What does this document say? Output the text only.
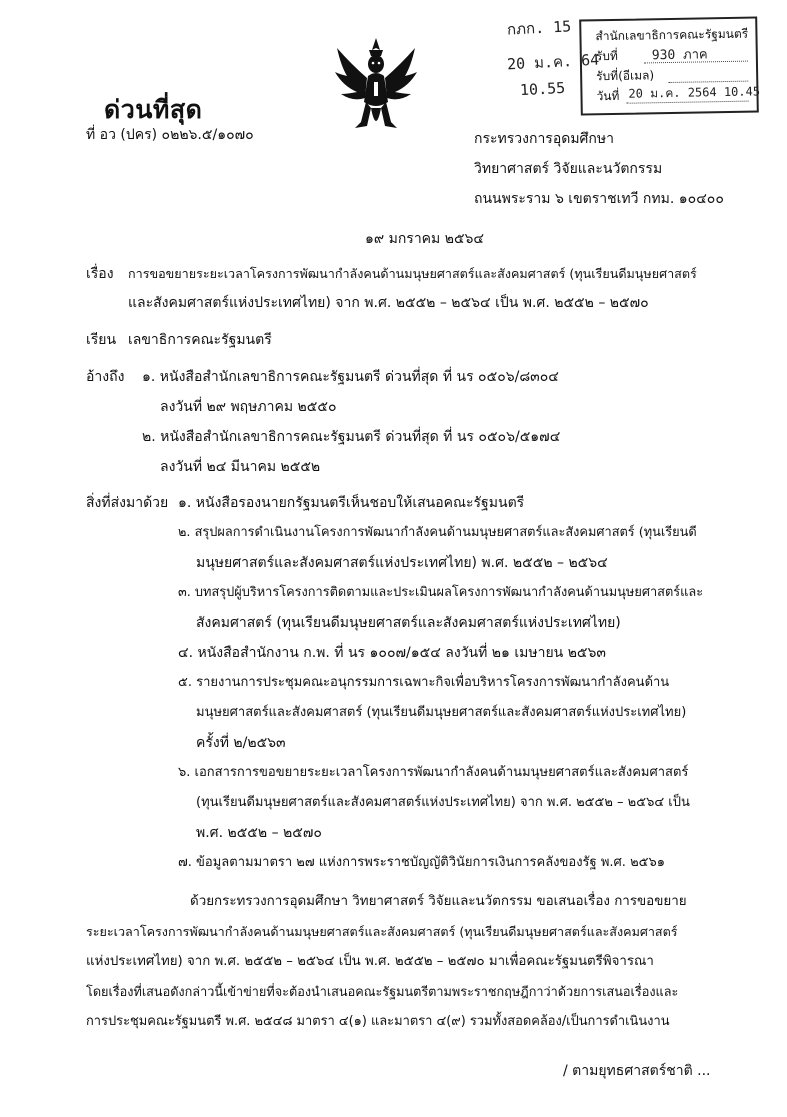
ด่วนที่สุด
กภก. 15
20 ม.ค. 64
10.55
สำนักเลขาธิการคณะรัฐมนตรี
รับที่	930 ภาค
รับที่(อีเมล)
วันที่ 20 ม.ค. 2564 10.45
ที่ อว (ปคร) ๐๒๒๖.๕/๑๐๗๐	กระทรวงการอุดมศึกษา
วิทยาศาสตร์ วิจัยและนวัตกรรม
ถนนพระราม ๖ เขตราชเทวี กทม. ๑๐๔๐๐
๑๙ มกราคม ๒๕๖๔
เรื่อง การขอขยายระยะเวลาโครงการพัฒนากำลังคนด้านมนุษยศาสตร์และสังคมศาสตร์ (ทุนเรียนดีมนุษยศาสตร์
และสังคมศาสตร์แห่งประเทศไทย) จาก พ.ศ. ๒๕๕๒ – ๒๕๖๔ เป็น พ.ศ. ๒๕๕๒ – ๒๕๗๐
เรียน เลขาธิการคณะรัฐมนตรี
อ้างถึง ๑. หนังสือสำนักเลขาธิการคณะรัฐมนตรี ด่วนที่สุด ที่ นร ๐๕๐๖/๘๓๐๔
ลงวันที่ ๒๙ พฤษภาคม ๒๕๕๐
๒. หนังสือสำนักเลขาธิการคณะรัฐมนตรี ด่วนที่สุด ที่ นร ๐๕๐๖/๕๑๗๔
ลงวันที่ ๒๔ มีนาคม ๒๕๕๒
สิ่งที่ส่งมาด้วย ๑. หนังสือรองนายกรัฐมนตรีเห็นชอบให้เสนอคณะรัฐมนตรี
๒. สรุปผลการดำเนินงานโครงการพัฒนากำลังคนด้านมนุษยศาสตร์และสังคมศาสตร์ (ทุนเรียนดี
มนุษยศาสตร์และสังคมศาสตร์แห่งประเทศไทย) พ.ศ. ๒๕๕๒ – ๒๕๖๔
๓. บทสรุปผู้บริหารโครงการติดตามและประเมินผลโครงการพัฒนากำลังคนด้านมนุษยศาสตร์และ
สังคมศาสตร์ (ทุนเรียนดีมนุษยศาสตร์และสังคมศาสตร์แห่งประเทศไทย)
๔. หนังสือสำนักงาน ก.พ. ที่ นร ๑๐๐๗/๑๕๔ ลงวันที่ ๒๑ เมษายน ๒๕๖๓
๕. รายงานการประชุมคณะอนุกรรมการเฉพาะกิจเพื่อบริหารโครงการพัฒนากำลังคนด้าน
มนุษยศาสตร์และสังคมศาสตร์ (ทุนเรียนดีมนุษยศาสตร์และสังคมศาสตร์แห่งประเทศไทย)
ครั้งที่ ๒/๒๕๖๓
๖. เอกสารการขอขยายระยะเวลาโครงการพัฒนากำลังคนด้านมนุษยศาสตร์และสังคมศาสตร์
(ทุนเรียนดีมนุษยศาสตร์และสังคมศาสตร์แห่งประเทศไทย) จาก พ.ศ. ๒๕๕๒ – ๒๕๖๔ เป็น
พ.ศ. ๒๕๕๒ – ๒๕๗๐
๗. ข้อมูลตามมาตรา ๒๗ แห่งการพระราชบัญญัติวินัยการเงินการคลังของรัฐ พ.ศ. ๒๕๖๑
ด้วยกระทรวงการอุดมศึกษา วิทยาศาสตร์ วิจัยและนวัตกรรม ขอเสนอเรื่อง การขอขยาย
ระยะเวลาโครงการพัฒนากำลังคนด้านมนุษยศาสตร์และสังคมศาสตร์ (ทุนเรียนดีมนุษยศาสตร์และสังคมศาสตร์
แห่งประเทศไทย) จาก พ.ศ. ๒๕๕๒ – ๒๕๖๔ เป็น พ.ศ. ๒๕๕๒ – ๒๕๗๐ มาเพื่อคณะรัฐมนตรีพิจารณา
โดยเรื่องที่เสนอดังกล่าวนี้เข้าข่ายที่จะต้องนำเสนอคณะรัฐมนตรีตามพระราชกฤษฎีกาว่าด้วยการเสนอเรื่องและ
การประชุมคณะรัฐมนตรี พ.ศ. ๒๕๔๘ มาตรา ๔(๑) และมาตรา ๔(๙) รวมทั้งสอดคล้อง/เป็นการดำเนินงาน
/ ตามยุทธศาสตร์ชาติ ...
